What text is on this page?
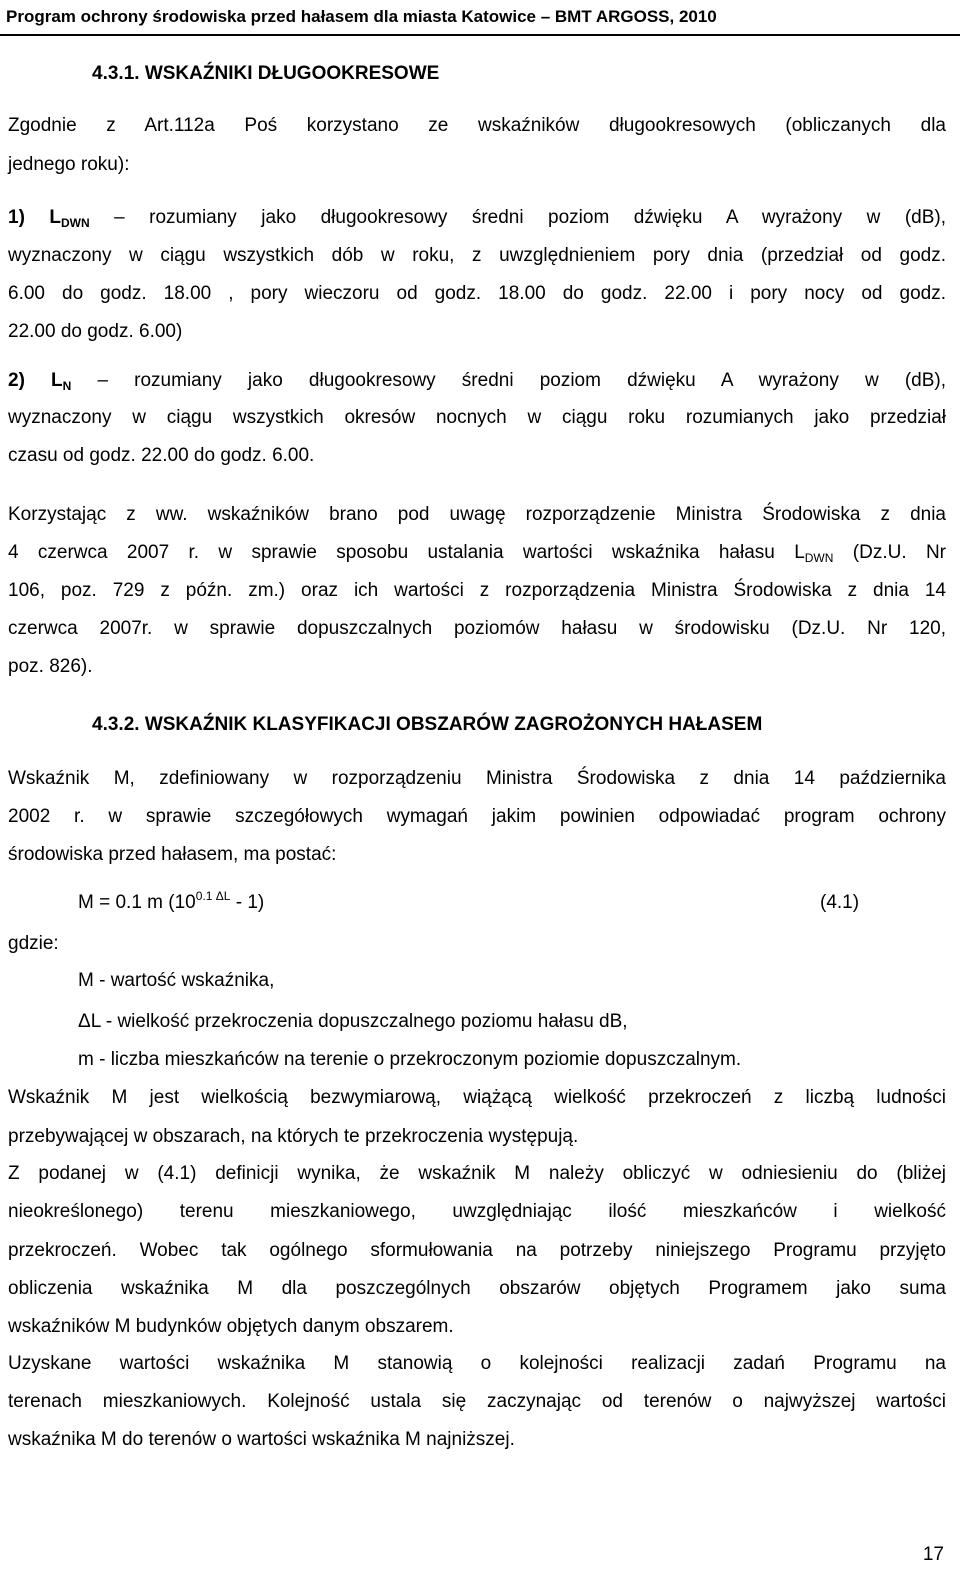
Program ochrony środowiska przed hałasem dla miasta Katowice – BMT ARGOSS, 2010
4.3.1. WSKAŹNIKI DŁUGOOKRESOWE
Zgodnie z Art.112a Poś korzystano ze wskaźników długookresowych (obliczanych dla
jednego roku):
1) $L_{DWN}$ – rozumiany jako długookresowy średni poziom dźwięku A wyrażony w (dB),
wyznaczony w ciągu wszystkich dób w roku, z uwzględnieniem pory dnia (przedział od godz.
6.00 do godz. 18.00 , pory wieczoru od godz. 18.00 do godz. 22.00 i pory nocy od godz.
22.00 do godz. 6.00)
2) $L_N$ – rozumiany jako długookresowy średni poziom dźwięku A wyrażony w (dB),
wyznaczony w ciągu wszystkich okresów nocnych w ciągu roku rozumianych jako przedział
czasu od godz. 22.00 do godz. 6.00.
Korzystając z ww. wskaźników brano pod uwagę rozporządzenie Ministra Środowiska z dnia
4 czerwca 2007 r. w sprawie sposobu ustalania wartości wskaźnika hałasu $L_{DWN}$ (Dz.U. Nr
106, poz. 729 z późn. zm.) oraz ich wartości z rozporządzenia Ministra Środowiska z dnia 14
czerwca 2007r. w sprawie dopuszczalnych poziomów hałasu w środowisku (Dz.U. Nr 120,
poz. 826).
4.3.2. WSKAŹNIK KLASYFIKACJI OBSZARÓW ZAGROŻONYCH HAŁASEM
Wskaźnik M, zdefiniowany w rozporządzeniu Ministra Środowiska z dnia 14 października
2002 r. w sprawie szczegółowych wymagań jakim powinien odpowiadać program ochrony
środowiska przed hałasem, ma postać:
M = 0.1 m $(10^{0.1 \Delta L} - 1)$	(4.1)
gdzie:
M - wartość wskaźnika,
ΔL - wielkość przekroczenia dopuszczalnego poziomu hałasu dB,
m - liczba mieszkańców na terenie o przekroczonym poziomie dopuszczalnym.
Wskaźnik M jest wielkością bezwymiarową, wiążącą wielkość przekroczeń z liczbą ludności
przebywającej w obszarach, na których te przekroczenia występują.
Z podanej w (4.1) definicji wynika, że wskaźnik M należy obliczyć w odniesieniu do (bliżej
nieokreślonego) terenu mieszkaniowego, uwzględniając ilość mieszkańców i wielkość
przekroczeń. Wobec tak ogólnego sformułowania na potrzeby niniejszego Programu przyjęto
obliczenia wskaźnika M dla poszczególnych obszarów objętych Programem jako suma
wskaźników M budynków objętych danym obszarem.
Uzyskane wartości wskaźnika M stanowią o kolejności realizacji zadań Programu na
terenach mieszkaniowych. Kolejność ustala się zaczynając od terenów o najwyższej wartości
wskaźnika M do terenów o wartości wskaźnika M najniższej.
17
